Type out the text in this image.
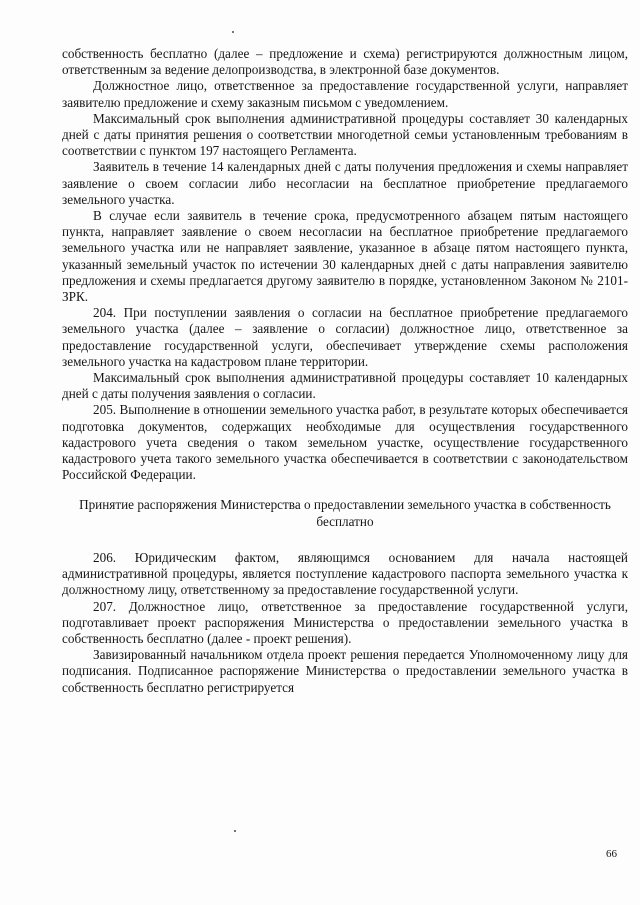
собственность бесплатно (далее – предложение и схема) регистрируются должностным лицом, ответственным за ведение делопроизводства, в электронной базе документов.

Должностное лицо, ответственное за предоставление государственной услуги, направляет заявителю предложение и схему заказным письмом с уведомлением.

Максимальный срок выполнения административной процедуры составляет 30 календарных дней с даты принятия решения о соответствии многодетной семьи установленным требованиям в соответствии с пунктом 197 настоящего Регламента.

Заявитель в течение 14 календарных дней с даты получения предложения и схемы направляет заявление о своем согласии либо несогласии на бесплатное приобретение предлагаемого земельного участка.

В случае если заявитель в течение срока, предусмотренного абзацем пятым настоящего пункта, направляет заявление о своем несогласии на бесплатное приобретение предлагаемого земельного участка или не направляет заявление, указанное в абзаце пятом настоящего пункта, указанный земельный участок по истечении 30 календарных дней с даты направления заявителю предложения и схемы предлагается другому заявителю в порядке, установленном Законом № 2101-ЗРК.

204. При поступлении заявления о согласии на бесплатное приобретение предлагаемого земельного участка (далее – заявление о согласии) должностное лицо, ответственное за предоставление государственной услуги, обеспечивает утверждение схемы расположения земельного участка на кадастровом плане территории.

Максимальный срок выполнения административной процедуры составляет 10 календарных дней с даты получения заявления о согласии.

205. Выполнение в отношении земельного участка работ, в результате которых обеспечивается подготовка документов, содержащих необходимые для осуществления государственного кадастрового учета сведения о таком земельном участке, осуществление государственного кадастрового учета такого земельного участка обеспечивается в соответствии с законодательством Российской Федерации.

Принятие распоряжения Министерства о предоставлении земельного участка в собственность бесплатно

206. Юридическим фактом, являющимся основанием для начала настоящей административной процедуры, является поступление кадастрового паспорта земельного участка к должностному лицу, ответственному за предоставление государственной услуги.

207. Должностное лицо, ответственное за предоставление государственной услуги, подготавливает проект распоряжения Министерства о предоставлении земельного участка в собственность бесплатно (далее - проект решения).

Завизированный начальником отдела проект решения передается Уполномоченному лицу для подписания. Подписанное распоряжение Министерства о предоставлении земельного участка в собственность бесплатно регистрируется

66
